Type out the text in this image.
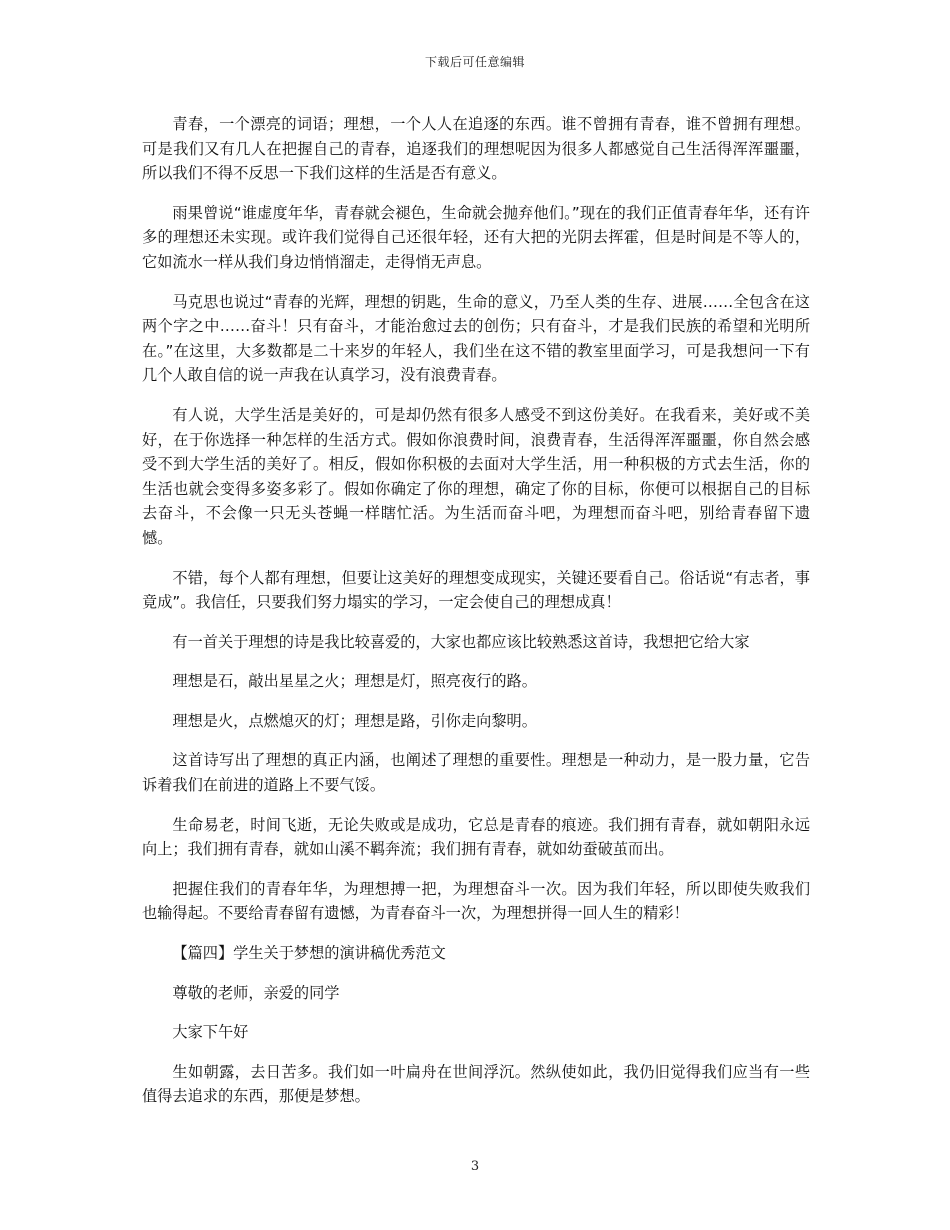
下载后可任意编辑

青春，一个漂亮的词语；理想，一个人人在追逐的东西。谁不曾拥有青春，谁不曾拥有理想。可是我们又有几人在把握自己的青春，追逐我们的理想呢因为很多人都感觉自己生活得浑浑噩噩，所以我们不得不反思一下我们这样的生活是否有意义。

雨果曾说“谁虚度年华，青春就会褪色，生命就会抛弃他们。”现在的我们正值青春年华，还有许多的理想还未实现。或许我们觉得自己还很年轻，还有大把的光阴去挥霍，但是时间是不等人的，它如流水一样从我们身边悄悄溜走，走得悄无声息。

马克思也说过“青春的光辉，理想的钥匙，生命的意义，乃至人类的生存、进展……全包含在这两个字之中……奋斗！只有奋斗，才能治愈过去的创伤；只有奋斗，才是我们民族的希望和光明所在。”在这里，大多数都是二十来岁的年轻人，我们坐在这不错的教室里面学习，可是我想问一下有几个人敢自信的说一声我在认真学习，没有浪费青春。

有人说，大学生活是美好的，可是却仍然有很多人感受不到这份美好。在我看来，美好或不美好，在于你选择一种怎样的生活方式。假如你浪费时间，浪费青春，生活得浑浑噩噩，你自然会感受不到大学生活的美好了。相反，假如你积极的去面对大学生活，用一种积极的方式去生活，你的生活也就会变得多姿多彩了。假如你确定了你的理想，确定了你的目标，你便可以根据自己的目标去奋斗，不会像一只无头苍蝇一样瞎忙活。为生活而奋斗吧，为理想而奋斗吧，别给青春留下遗憾。

不错，每个人都有理想，但要让这美好的理想变成现实，关键还要看自己。俗话说“有志者，事竟成”。我信任，只要我们努力塌实的学习，一定会使自己的理想成真！

有一首关于理想的诗是我比较喜爱的，大家也都应该比较熟悉这首诗，我想把它给大家

理想是石，敲出星星之火；理想是灯，照亮夜行的路。

理想是火，点燃熄灭的灯；理想是路，引你走向黎明。

这首诗写出了理想的真正内涵，也阐述了理想的重要性。理想是一种动力，是一股力量，它告诉着我们在前进的道路上不要气馁。

生命易老，时间飞逝，无论失败或是成功，它总是青春的痕迹。我们拥有青春，就如朝阳永远向上；我们拥有青春，就如山溪不羁奔流；我们拥有青春，就如幼蚕破茧而出。

把握住我们的青春年华，为理想搏一把，为理想奋斗一次。因为我们年轻，所以即使失败我们也输得起。不要给青春留有遗憾，为青春奋斗一次，为理想拼得一回人生的精彩！

【篇四】学生关于梦想的演讲稿优秀范文

尊敬的老师，亲爱的同学

大家下午好

生如朝露，去日苦多。我们如一叶扁舟在世间浮沉。然纵使如此，我仍旧觉得我们应当有一些值得去追求的东西，那便是梦想。

3
